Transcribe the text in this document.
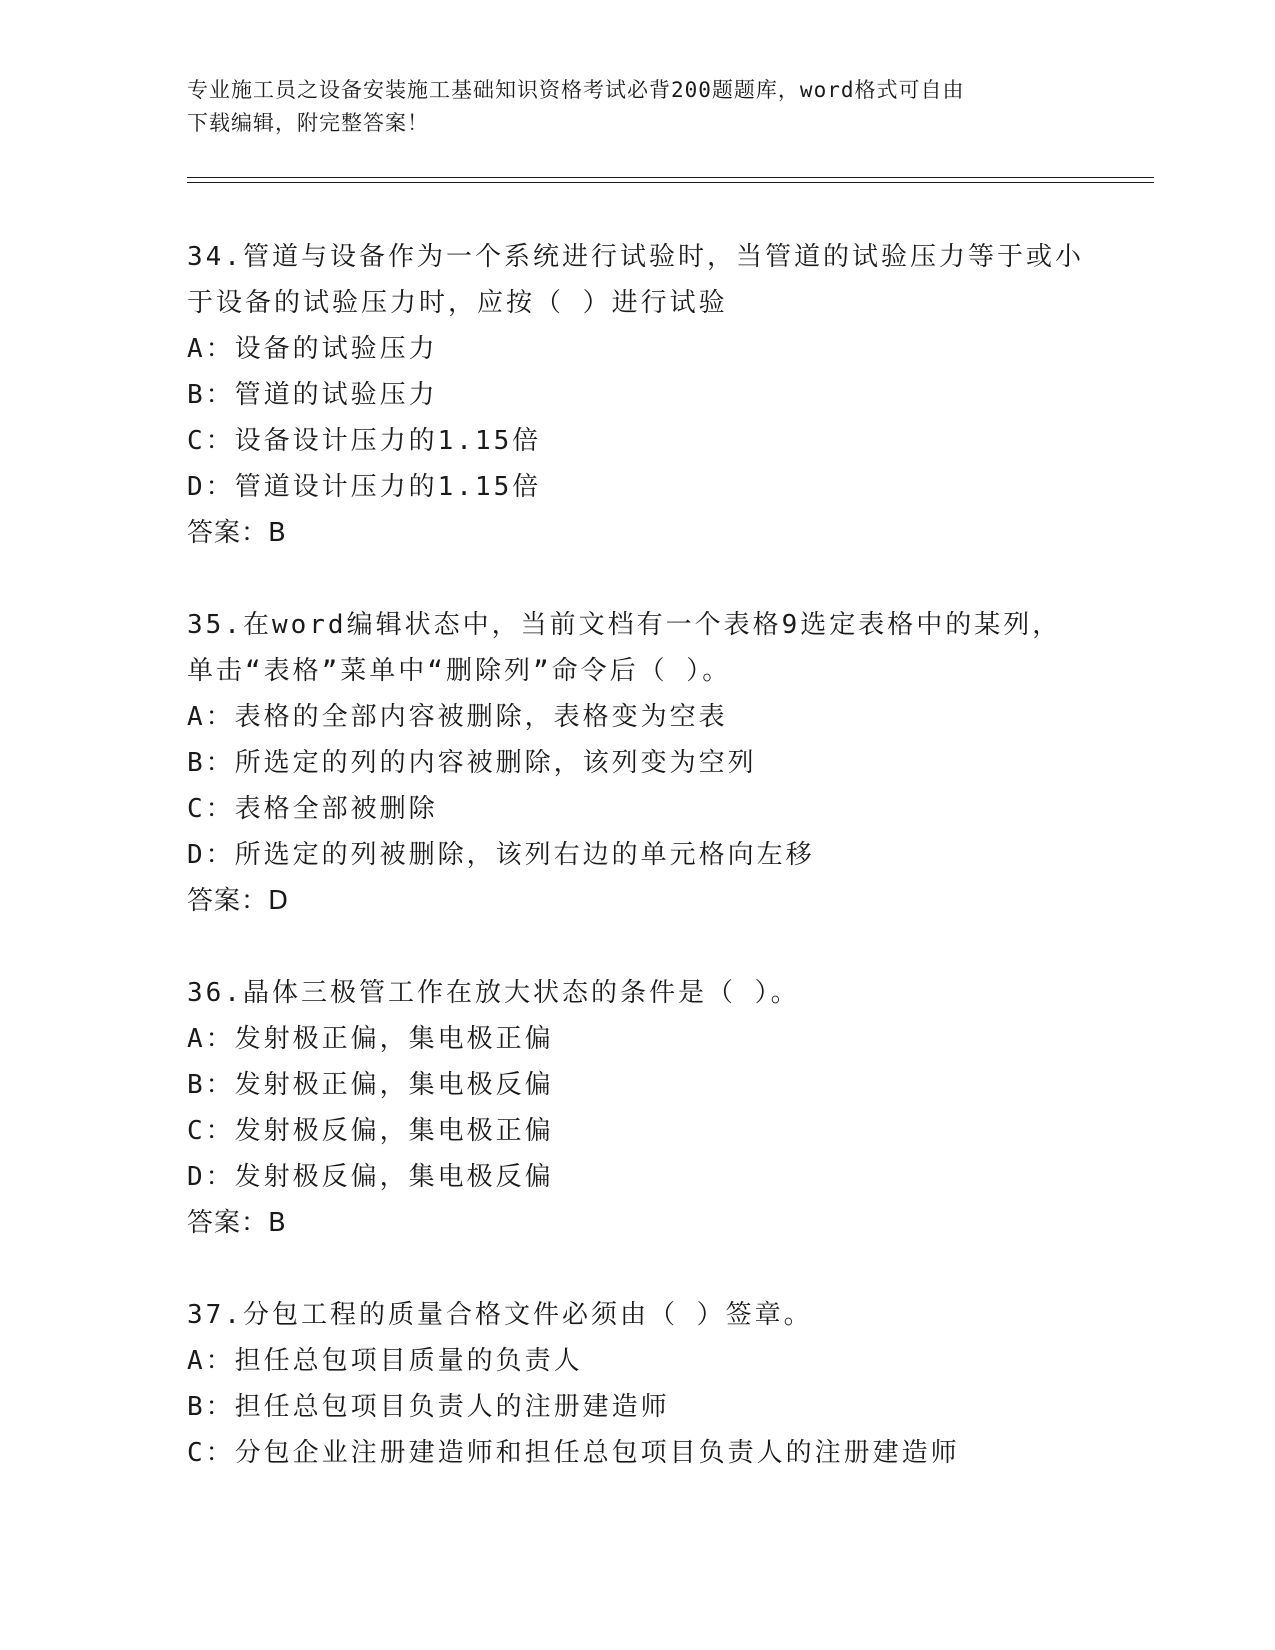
专业施工员之设备安装施工基础知识资格考试必背200题题库，word格式可自由
下载编辑，附完整答案！
34.管道与设备作为一个系统进行试验时，当管道的试验压力等于或小
于设备的试验压力时，应按（ ）进行试验
A：设备的试验压力
B：管道的试验压力
C：设备设计压力的1.15倍
D：管道设计压力的1.15倍
答案：B
35.在word编辑状态中，当前文档有一个表格9选定表格中的某列，
单击“表格”菜单中“删除列”命令后（ ）。
A：表格的全部内容被删除，表格变为空表
B：所选定的列的内容被删除，该列变为空列
C：表格全部被删除
D：所选定的列被删除，该列右边的单元格向左移
答案：D
36.晶体三极管工作在放大状态的条件是（ ）。
A：发射极正偏，集电极正偏
B：发射极正偏，集电极反偏
C：发射极反偏，集电极正偏
D：发射极反偏，集电极反偏
答案：B
37.分包工程的质量合格文件必须由（ ）签章。
A：担任总包项目质量的负责人
B：担任总包项目负责人的注册建造师
C：分包企业注册建造师和担任总包项目负责人的注册建造师
